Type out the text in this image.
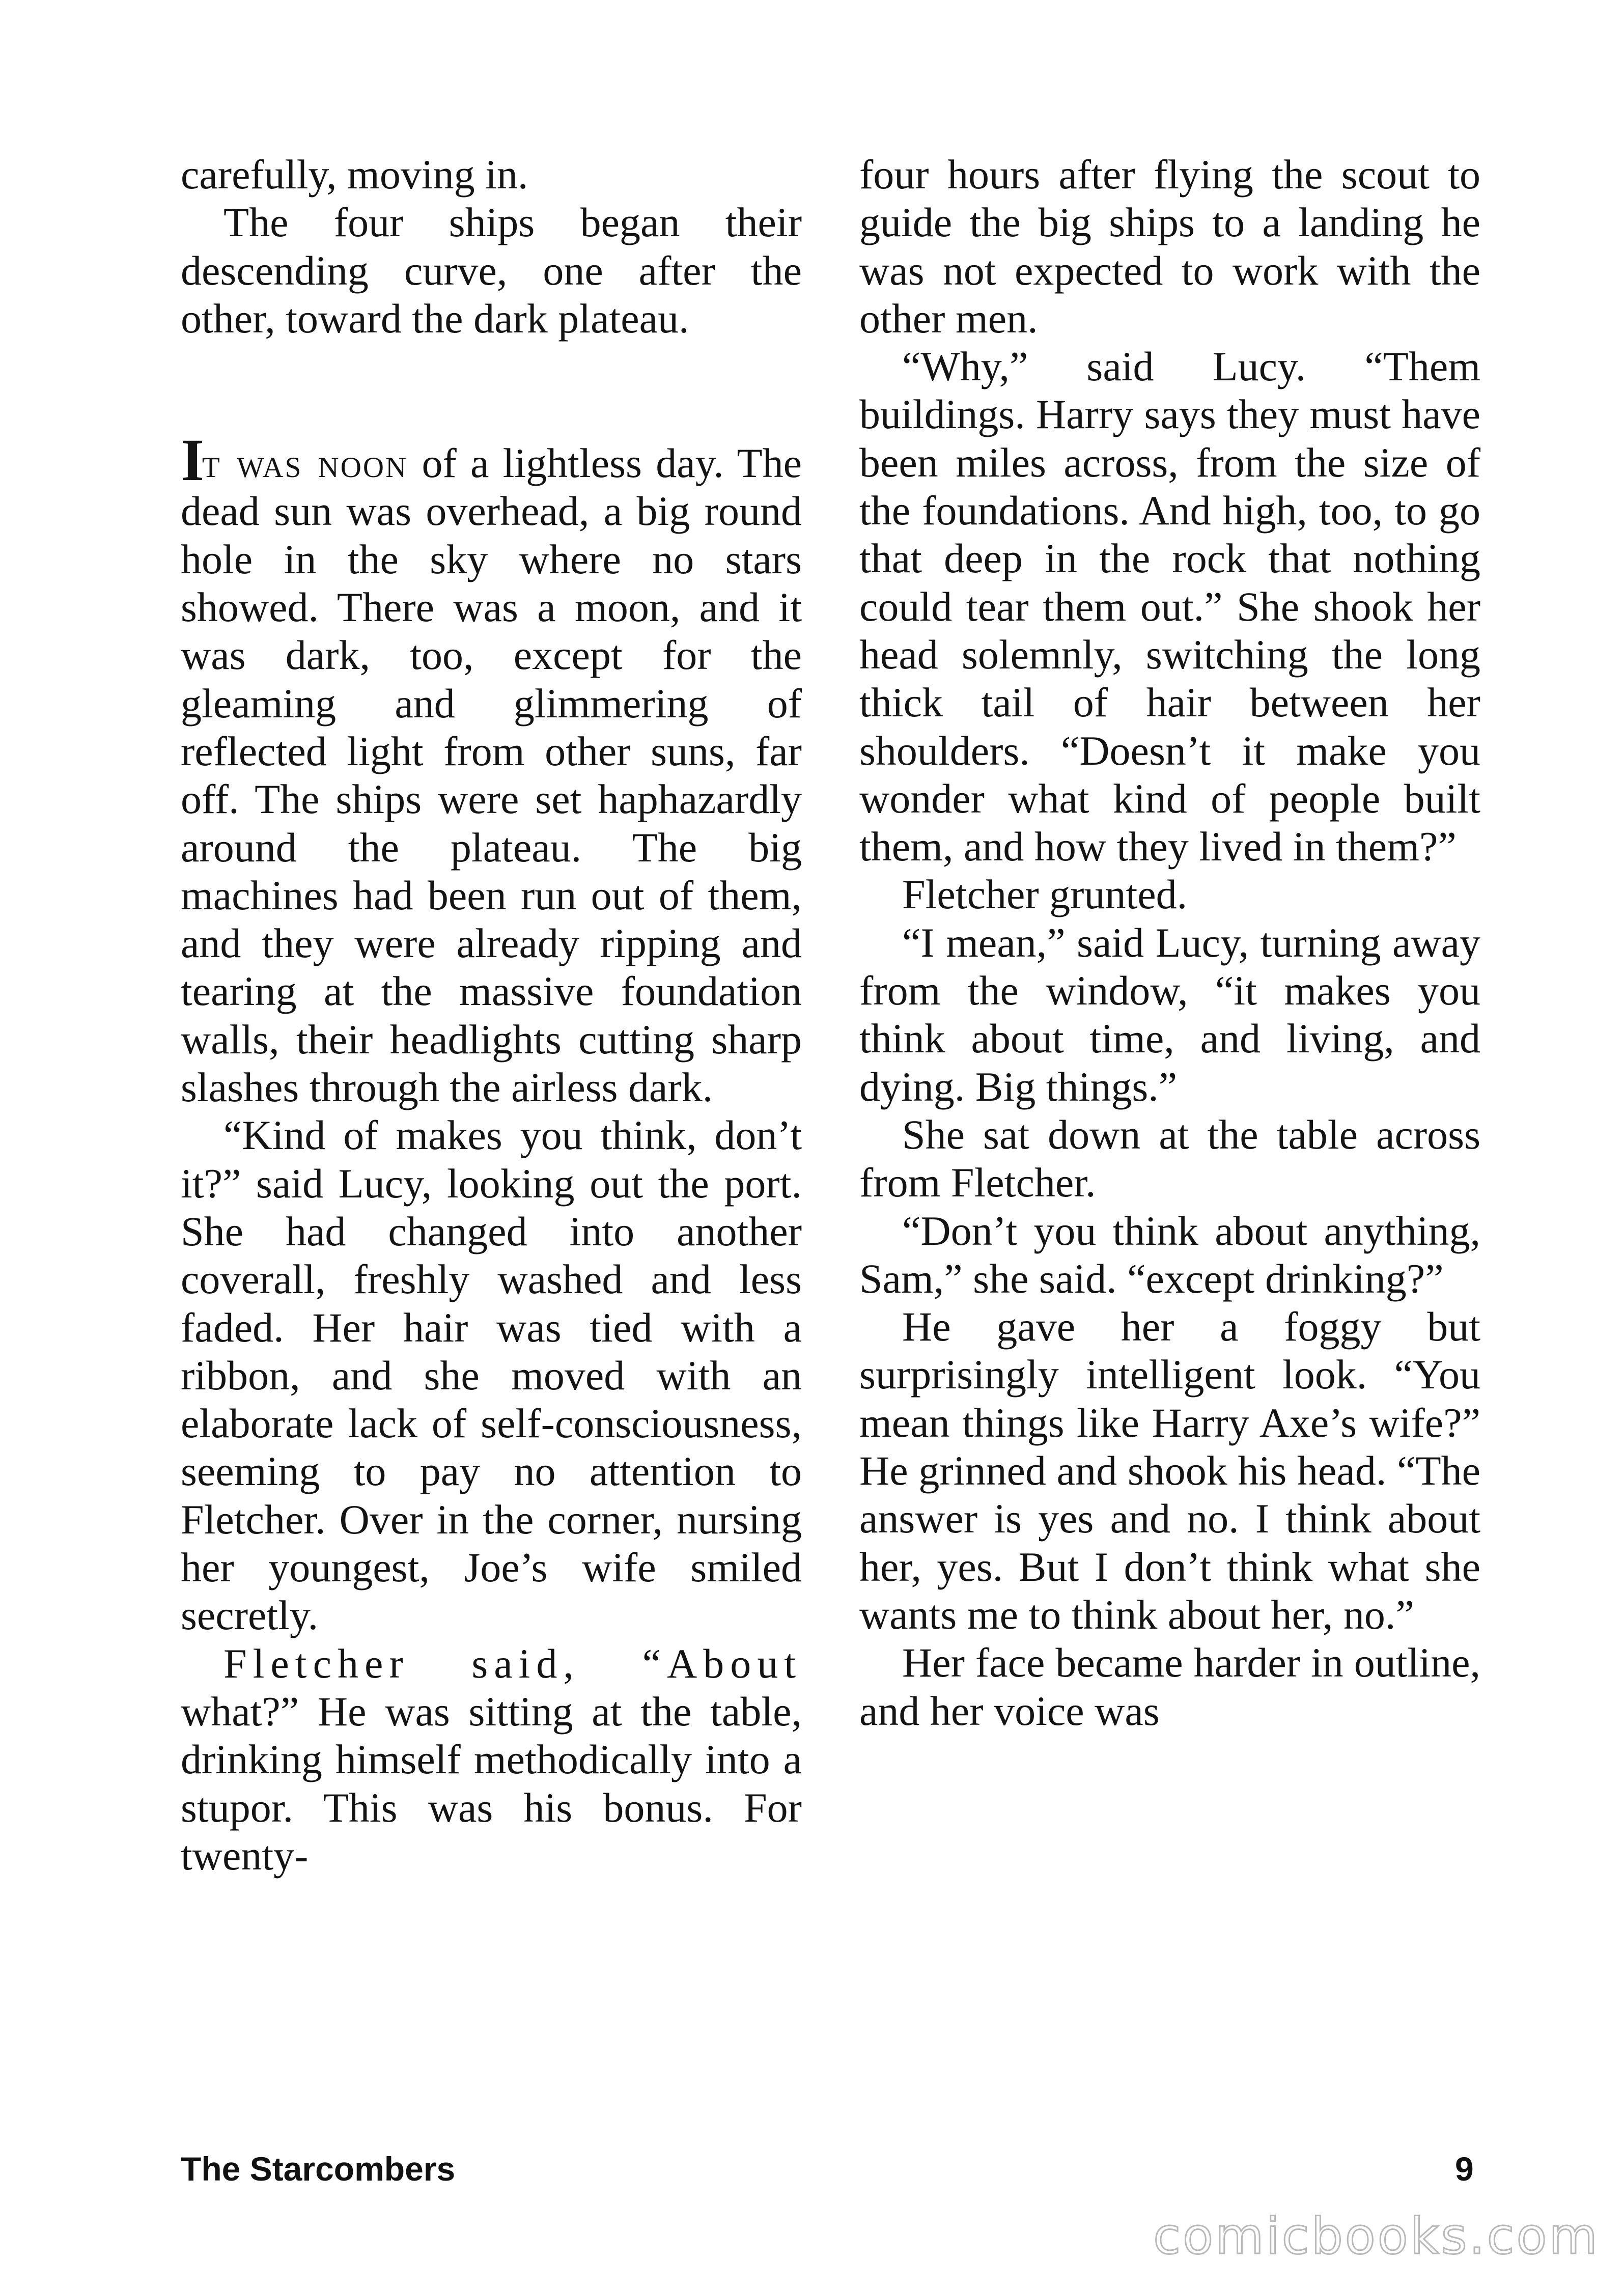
carefully, moving in.

The four ships began their descending curve, one after the other, toward the dark plateau.

It was noon of a lightless day. The dead sun was overhead, a big round hole in the sky where no stars showed. There was a moon, and it was dark, too, except for the gleaming and glimmering of reflected light from other suns, far off. The ships were set haphazardly around the plateau. The big machines had been run out of them, and they were already ripping and tearing at the massive foundation walls, their headlights cutting sharp slashes through the airless dark.

“Kind of makes you think, don’t it?” said Lucy, looking out the port. She had changed into another coverall, freshly washed and less faded. Her hair was tied with a ribbon, and she moved with an elaborate lack of self-consciousness, seeming to pay no attention to Fletcher. Over in the corner, nursing her youngest, Joe’s wife smiled secretly.

Fletcher said, “About what?” He was sitting at the table, drinking himself methodically into a stupor. This was his bonus. For twenty-

four hours after flying the scout to guide the big ships to a landing he was not expected to work with the other men.

“Why,” said Lucy. “Them buildings. Harry says they must have been miles across, from the size of the foundations. And high, too, to go that deep in the rock that nothing could tear them out.” She shook her head solemnly, switching the long thick tail of hair between her shoulders. “Doesn’t it make you wonder what kind of people built them, and how they lived in them?”

Fletcher grunted.

“I mean,” said Lucy, turning away from the window, “it makes you think about time, and living, and dying. Big things.”

She sat down at the table across from Fletcher.

“Don’t you think about anything, Sam,” she said. “except drinking?”

He gave her a foggy but surprisingly intelligent look. “You mean things like Harry Axe’s wife?” He grinned and shook his head. “The answer is yes and no. I think about her, yes. But I don’t think what she wants me to think about her, no.”

Her face became harder in outline, and her voice was

The Starcombers	9
comicbooks.com
